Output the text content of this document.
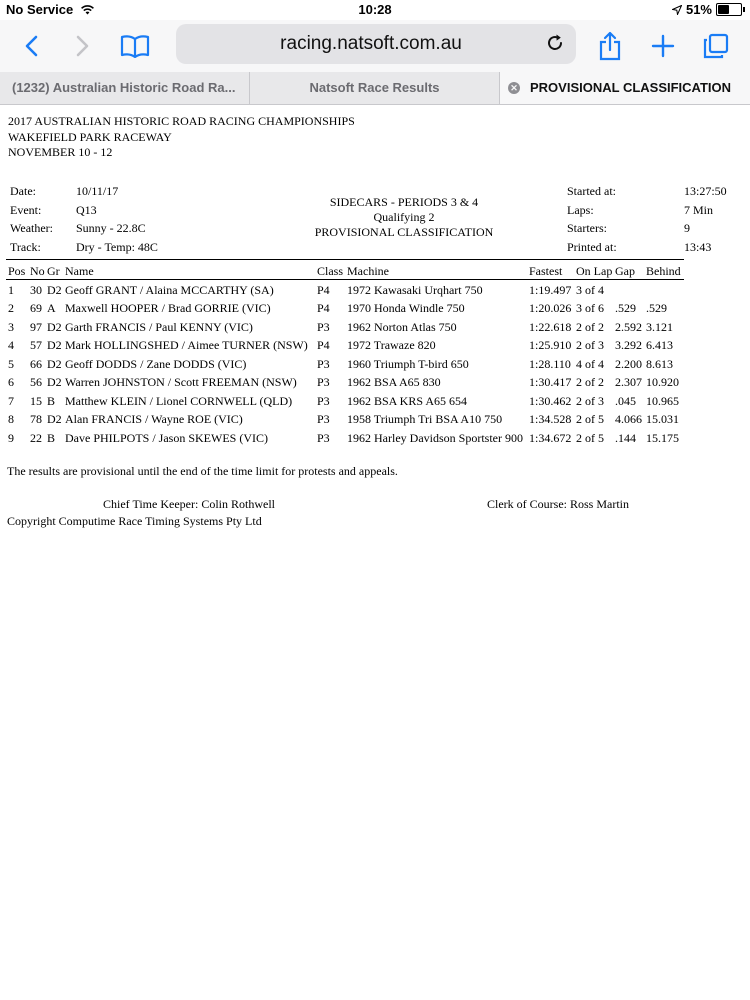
No Service	10:28	51%
racing.natsoft.com.au
(1232) Australian Historic Road Ra...	Natsoft Race Results	✕ PROVISIONAL CLASSIFICATION
2017 AUSTRALIAN HISTORIC ROAD RACING CHAMPIONSHIPS
WAKEFIELD PARK RACEWAY
NOVEMBER 10 - 12
Date:	10/11/17
Event:	Q13
Weather: Sunny - 22.8C
Track:	Dry - Temp: 48C
SIDECARS - PERIODS 3 & 4
Qualifying 2
PROVISIONAL CLASSIFICATION
Started at:	13:27:50
Laps:	7 Min
Starters:	9
Printed at:	13:43
Pos No Gr Name	Class Machine	Fastest On Lap Gap Behind
1 30 D2 Geoff GRANT / Alaina MCCARTHY (SA)	P4 1972 Kawasaki Urqhart 750	1:19.497 3 of 4
2 69 A Maxwell HOOPER / Brad GORRIE (VIC)	P4 1970 Honda Windle 750	1:20.026 3 of 6 .529 .529
3 97 D2 Garth FRANCIS / Paul KENNY (VIC)	P3 1962 Norton Atlas 750	1:22.618 2 of 2 2.592 3.121
4 57 D2 Mark HOLLINGSHED / Aimee TURNER (NSW) P4 1972 Trawaze 820	1:25.910 2 of 3 3.292 6.413
5 66 D2 Geoff DODDS / Zane DODDS (VIC)	P3 1960 Triumph T-bird 650	1:28.110 4 of 4 2.200 8.613
6 56 D2 Warren JOHNSTON / Scott FREEMAN (NSW) P3 1962 BSA A65 830	1:30.417 2 of 2 2.307 10.920
7 15 B Matthew KLEIN / Lionel CORNWELL (QLD) P3 1962 BSA KRS A65 654	1:30.462 2 of 3 .045 10.965
8 78 D2 Alan FRANCIS / Wayne ROE (VIC)	P3 1958 Triumph Tri BSA A10 750 1:34.528 2 of 5 4.066 15.031
9 22 B Dave PHILPOTS / Jason SKEWES (VIC)	P3 1962 Harley Davidson Sportster 900 1:34.672 2 of 5 .144 15.175
The results are provisional until the end of the time limit for protests and appeals.
Chief Time Keeper: Colin Rothwell	Clerk of Course: Ross Martin
Copyright Computime Race Timing Systems Pty Ltd
